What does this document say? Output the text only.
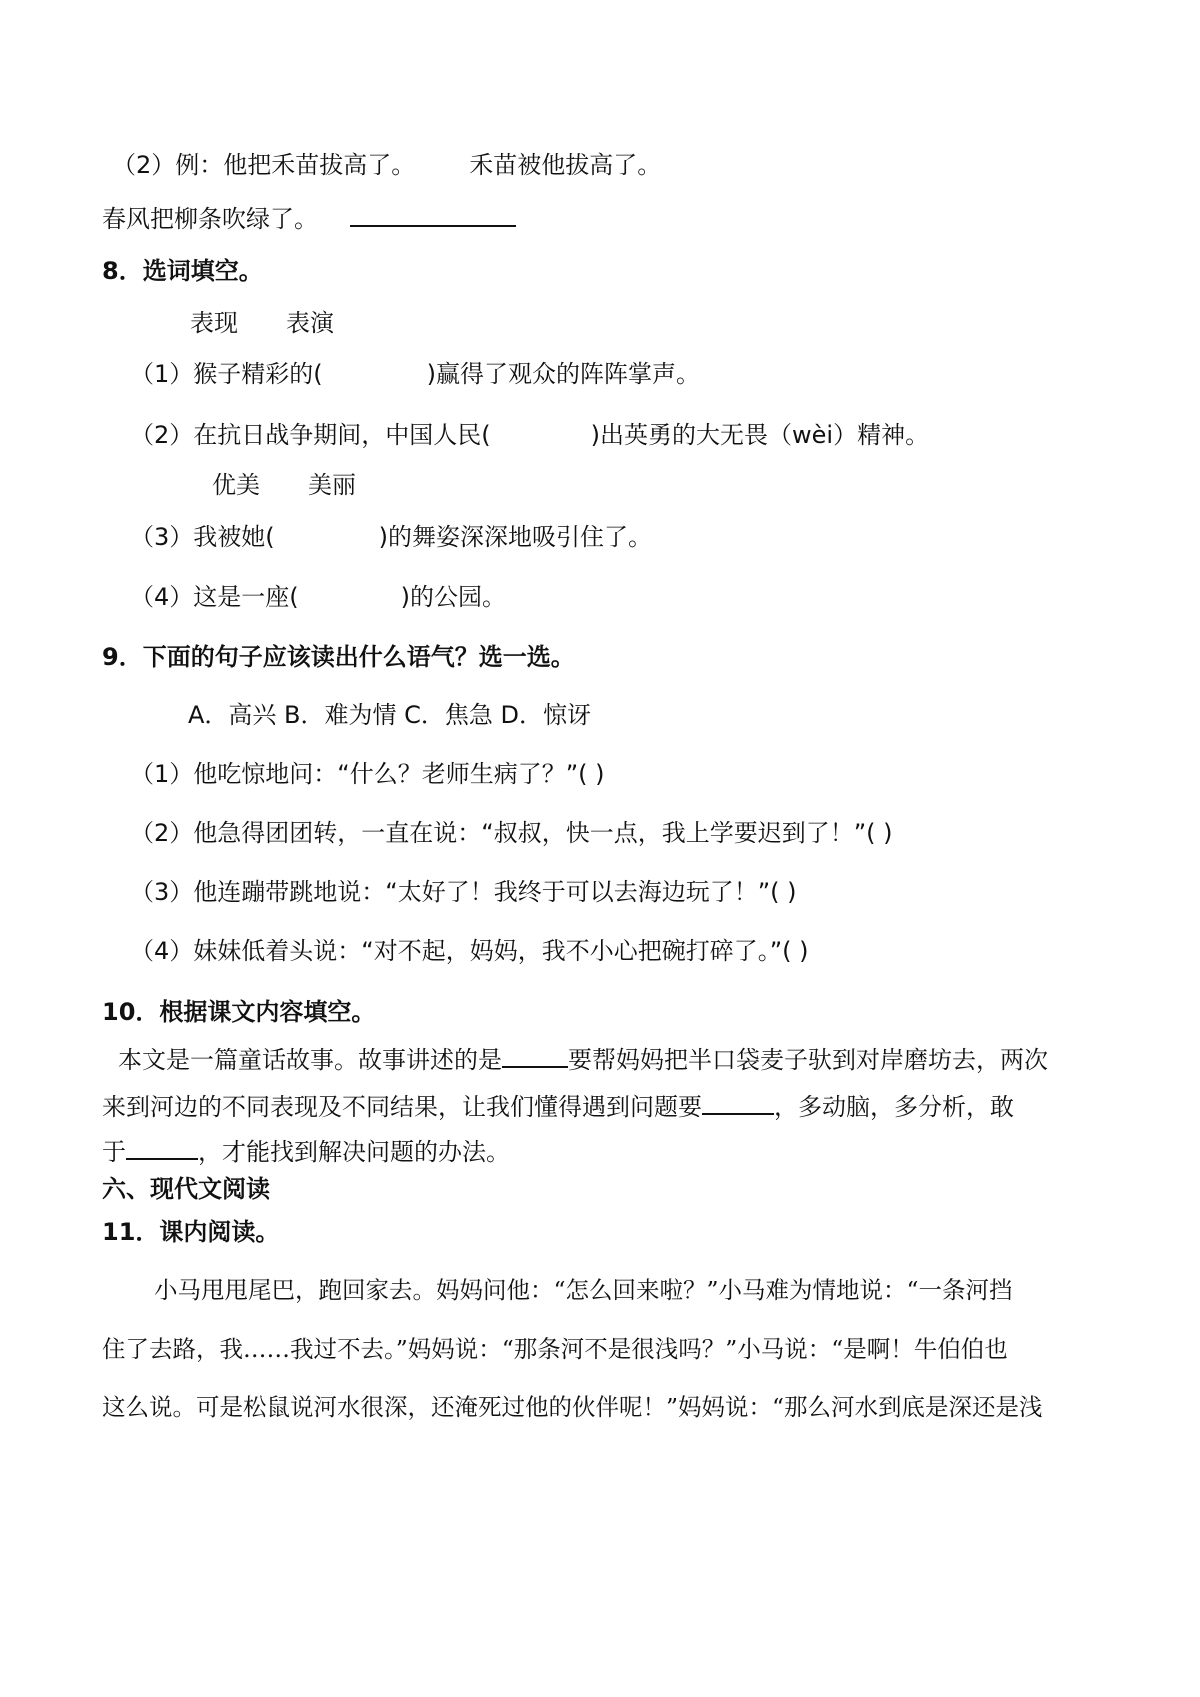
（2）例：他把禾苗拔高了。 禾苗被他拔高了。
春风把柳条吹绿了。
8．选词填空。
表现 表演
（1）猴子精彩的(	)赢得了观众的阵阵掌声。
（2）在抗日战争期间，中国人民(	)出英勇的大无畏（wèi）精神。
优美 美丽
（3）我被她(	)的舞姿深深地吸引住了。
（4）这是一座(	)的公园。
9．下面的句子应该读出什么语气？选一选。
A．高兴 B．难为情 C．焦急 D．惊讶
（1）他吃惊地问：“什么？老师生病了？”( )
（2）他急得团团转，一直在说：“叔叔，快一点，我上学要迟到了！”( )
（3）他连蹦带跳地说：“太好了！我终于可以去海边玩了！”( )
（4）妹妹低着头说：“对不起，妈妈，我不小心把碗打碎了。”( )
10．根据课文内容填空。
本文是一篇童话故事。故事讲述的是	要帮妈妈把半口袋麦子驮到对岸磨坊去，两次
来到河边的不同表现及不同结果，让我们懂得遇到问题要	，多动脑，多分析，敢
于	，才能找到解决问题的办法。
六、现代文阅读
11．课内阅读。
小马甩甩尾巴，跑回家去。妈妈问他：“怎么回来啦？”小马难为情地说：“一条河挡
住了去路，我……我过不去。”妈妈说：“那条河不是很浅吗？”小马说：“是啊！牛伯伯也
这么说。可是松鼠说河水很深，还淹死过他的伙伴呢！”妈妈说：“那么河水到底是深还是浅
